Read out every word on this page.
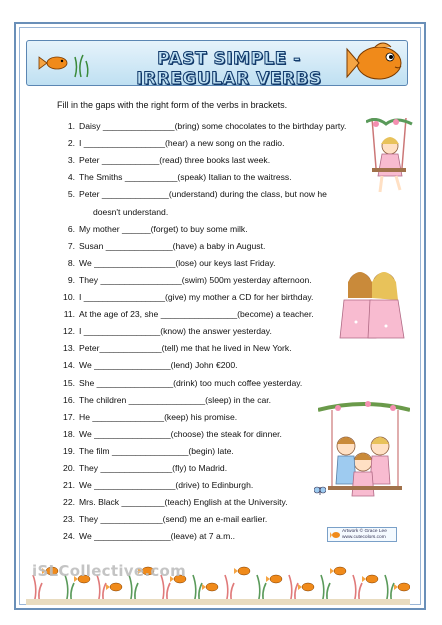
PAST SIMPLE - IRREGULAR VERBS
Fill in the gaps with the right form of the verbs in brackets.
1. Daisy _______________(bring) some chocolates to the birthday party.
2. I _________________(hear) a new song on the radio.
3. Peter ____________(read) three books last week.
4. The Smiths ___________(speak) Italian to the waitress.
5. Peter ______________(understand) during the class, but now he
doesn't understand.
6. My mother ______(forget) to buy some milk.
7. Susan ______________(have) a baby in August.
8. We _________________(lose) our keys last Friday.
9. They _________________(swim) 500m yesterday afternoon.
10. I _________________(give) my mother a CD for her birthday.
11. At the age of 23, she ________________(become) a teacher.
12. I ________________(know) the answer yesterday.
13. Peter_____________(tell) me that he lived in New York.
14. We ________________(lend) John €200.
15. She ________________(drink) too much coffee yesterday.
16. The children ________________(sleep) in the car.
17. He _______________(keep) his promise.
18. We ________________(choose) the steak for dinner.
19. The film ________________(begin) late.
20. They _______________(fly) to Madrid.
21. We _________________(drive) to Edinburgh.
22. Mrs. Black _________(teach) English at the University.
23. They _____________(send) me an e-mail earlier.
24. We ________________(leave) at 7 a.m..	Artwork © Grace Lee
www.cutecolors.com
iSLCollective.com
